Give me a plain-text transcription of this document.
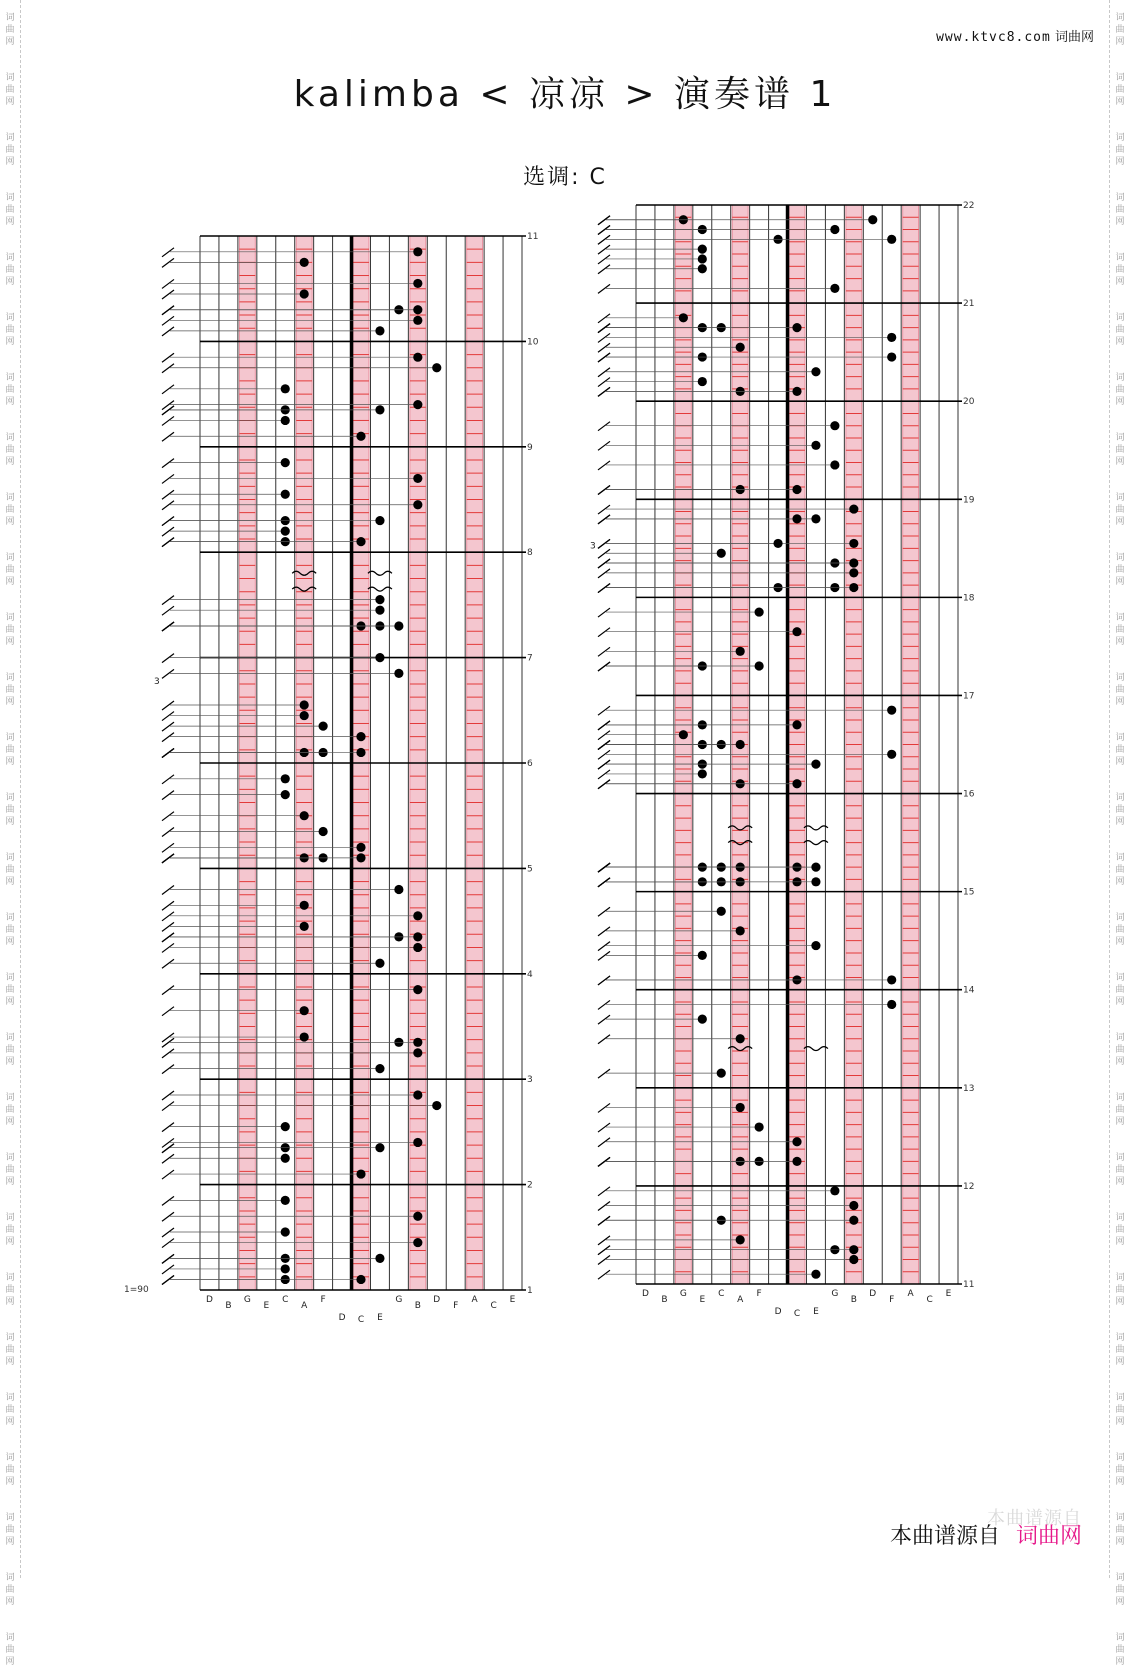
词
曲
网

词
曲
网

词
曲
网

词
曲
网

词
曲
网

词
曲
网

词
曲
网

词
曲
网

词
曲
网

词
曲
网

词
曲
网

词
曲
网

词
曲
网

词
曲
网

词
曲
网

词
曲
网

词
曲
网

词
曲
网

词
曲
网

词
曲
网

词
曲
网

词
曲
网

词
曲
网

词
曲
网

词
曲
网

词
曲
网

词
曲
网

词
曲
网

词
曲
网

词
曲
网

词
曲
网

词
曲
网

词
曲
网

词
曲
网

词
曲
网

词
曲
网

词
曲
网

词
曲
网

词
曲
网

词
曲
网

词
曲
网

词
曲
网

词
曲
网

词
曲
网

词
曲
网

词
曲
网

词
曲
网

词
曲
网

词
曲
网

词
曲
网

词
曲
网

词
曲
网

词
曲
网

词
曲
网

词
曲
网

词
曲
网

www.ktvc8.com 词曲网
kalimba < 凉凉 > 演奏谱 1
选调: C
1
2
3
4
5
6
7
8
9
10
11
D
B
G
E
C
A
F
D C E
G
B
D
F
A
C
E
3
1=90	11
12
13
14
15
16
17
18
19
20
21
22
D
B
G
E
C
A
F
D C E
G
B
D
F
A
C
E
3
本曲谱源自
本曲谱源自 词曲网
